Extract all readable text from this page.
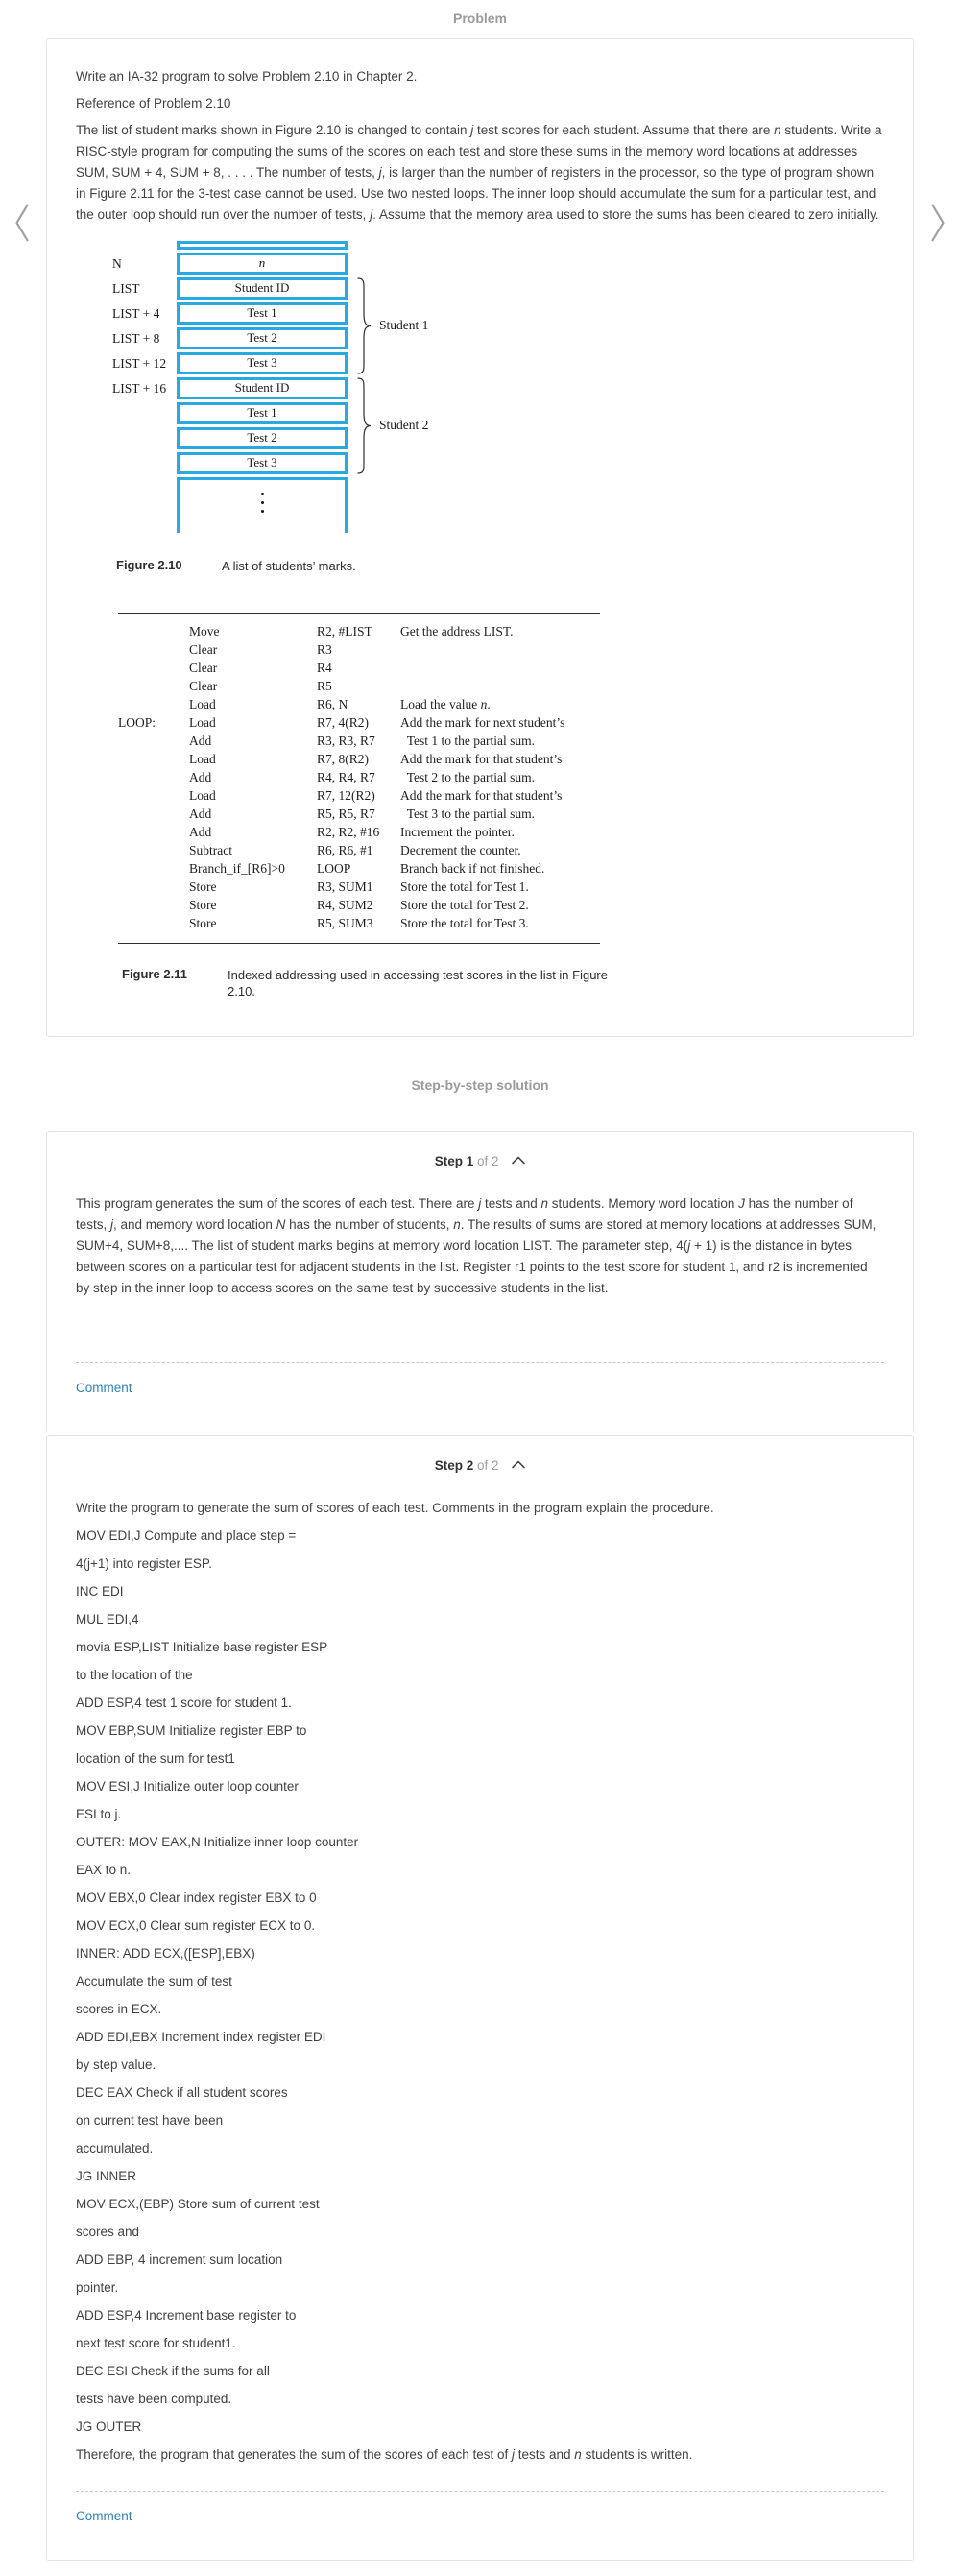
Problem

Write an IA-32 program to solve Problem 2.10 in Chapter 2.

Reference of Problem 2.10

The list of student marks shown in Figure 2.10 is changed to contain j test scores for each student. Assume that there are n students. Write a RISC-style program for computing the sums of the scores on each test and store these sums in the memory word locations at addresses SUM, SUM + 4, SUM + 8, . . . . The number of tests, j, is larger than the number of registers in the processor, so the type of program shown in Figure 2.11 for the 3-test case cannot be used. Use two nested loops. The inner loop should accumulate the sum for a particular test, and the outer loop should run over the number of tests, j. Assume that the memory area used to store the sums has been cleared to zero initially.

N	n
LIST	Student ID
LIST + 4	Test 1
LIST + 8	Test 2
LIST + 12	Test 3
LIST + 16	Student ID
Test 1
Test 2
Test 3
Student 1
Student 2
Figure 2.10	A list of students’ marks.
Move	R2, #LIST	Get the address LIST.
Clear	R3
Clear	R4
Clear	R5
Load	R6, N	Load the value n.
LOOP:	Load	R7, 4(R2)	Add the mark for next student’s
Add	R3, R3, R7	Test 1 to the partial sum.
Load	R7, 8(R2)	Add the mark for that student’s
Add	R4, R4, R7	Test 2 to the partial sum.
Load	R7, 12(R2)	Add the mark for that student’s
Add	R5, R5, R7	Test 3 to the partial sum.
Add	R2, R2, #16	Increment the pointer.
Subtract	R6, R6, #1	Decrement the counter.
Branch_if_[R6]>0	LOOP	Branch back if not finished.
Store	R3, SUM1	Store the total for Test 1.
Store	R4, SUM2	Store the total for Test 2.
Store	R5, SUM3	Store the total for Test 3.
Figure 2.11	Indexed addressing used in accessing test scores in the list in Figure 2.10.
Step-by-step solution
Step 1 of 2

This program generates the sum of the scores of each test. There are j tests and n students. Memory word location J has the number of tests, j, and memory word location N has the number of students, n. The results of sums are stored at memory locations at addresses SUM, SUM+4, SUM+8,.... The list of student marks begins at memory word location LIST. The parameter step, 4(j + 1) is the distance in bytes between scores on a particular test for adjacent students in the list. Register r1 points to the test score for student 1, and r2 is incremented by step in the inner loop to access scores on the same test by successive students in the list.

Comment
Step 2 of 2

Write the program to generate the sum of scores of each test. Comments in the program explain the procedure.

MOV EDI,J Compute and place step =

4(j+1) into register ESP.

INC EDI

MUL EDI,4

movia ESP,LIST Initialize base register ESP

to the location of the

ADD ESP,4 test 1 score for student 1.

MOV EBP,SUM Initialize register EBP to

location of the sum for test1

MOV ESI,J Initialize outer loop counter

ESI to j.

OUTER: MOV EAX,N Initialize inner loop counter

EAX to n.

MOV EBX,0 Clear index register EBX to 0

MOV ECX,0 Clear sum register ECX to 0.

INNER: ADD ECX,([ESP],EBX)

Accumulate the sum of test

scores in ECX.

ADD EDI,EBX Increment index register EDI

by step value.

DEC EAX Check if all student scores

on current test have been

accumulated.

JG INNER

MOV ECX,(EBP) Store sum of current test

scores and

ADD EBP, 4 increment sum location

pointer.

ADD ESP,4 Increment base register to

next test score for student1.

DEC ESI Check if the sums for all

tests have been computed.

JG OUTER

Therefore, the program that generates the sum of the scores of each test of j tests and n students is written.

Comment
